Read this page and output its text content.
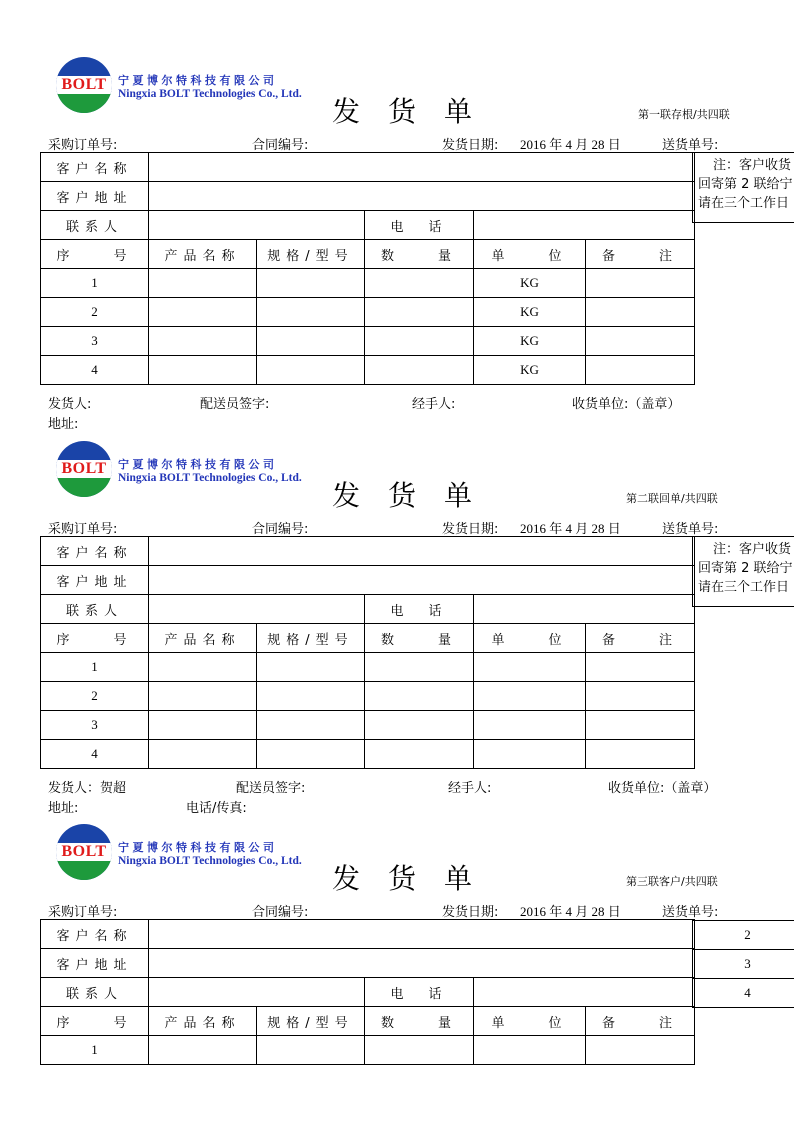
BOLT	宁夏博尔特科技有限公司
Ningxia BOLT Technologies Co., Ltd.
发货单	第一联存根/共四联
采购订单号:	合同编号:	发货日期: 2016 年 4 月 28 日	送货单号:
客户名称					
客户地址					
联系人			电　话		
序　　号	产品名称	规格/型号	数　　量	单　　位	备　　注
1				KG	
2				KG	
3				KG	
4				KG	
注：客户收货
回寄第 2 联给宁
请在三个工作日
发货人:	配送员签字:	经手人:	收货单位:（盖章）
地址:
BOLT	宁夏博尔特科技有限公司
Ningxia BOLT Technologies Co., Ltd.
发货单	第二联回单/共四联
采购订单号:	合同编号:	发货日期: 2016 年 4 月 28 日	送货单号:
客户名称					
客户地址					
联系人			电　话		
序　　号	产品名称	规格/型号	数　　量	单　　位	备　　注
1					
2					
3					
4					
注：客户收货
回寄第 2 联给宁
请在三个工作日
发货人：贺超	配送员签字:	经手人:	收货单位:（盖章）
地址:	电话/传真:
BOLT	宁夏博尔特科技有限公司
Ningxia BOLT Technologies Co., Ltd.
发货单	第三联客户/共四联
采购订单号:	合同编号:	发货日期: 2016 年 4 月 28 日	送货单号:
客户名称					
客户地址					
联系人			电　话		
序　　号	产品名称	规格/型号	数　　量	单　　位	备　　注
1					
2
3
4
